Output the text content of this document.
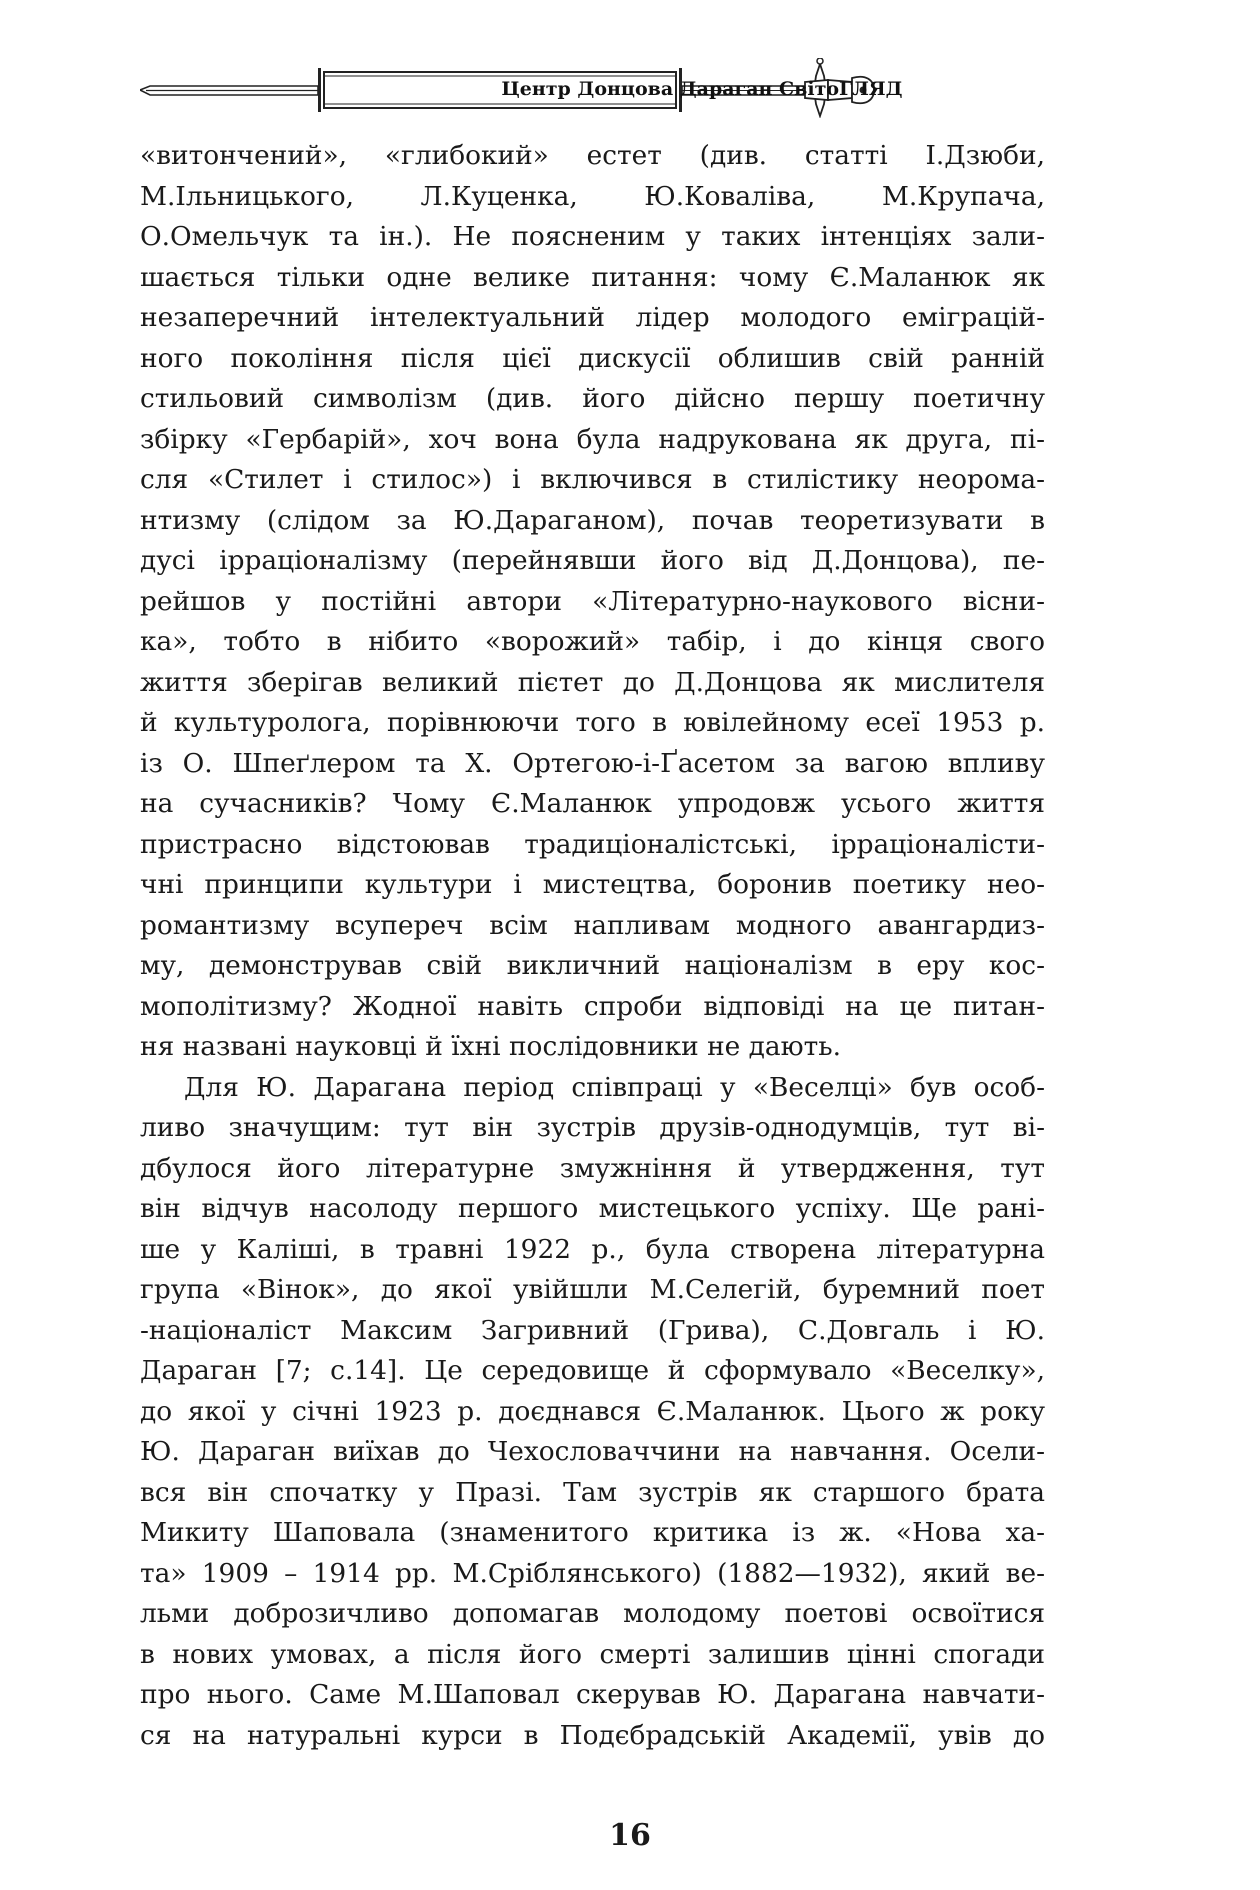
Центр Донцова Дараган СвітоГЛЯД

«витончений», «глибокий» естет (див. статті І.Дзюби,
М.Ільницького, Л.Куценка, Ю.Коваліва, М.Крупача,
О.Омельчук та ін.). Не поясненим у таких інтенціях зали-
шається тільки одне велике питання: чому Є.Маланюк як
незаперечний інтелектуальний лідер молодого еміграцій-
ного покоління після цієї дискусії облишив свій ранній
стильовий символізм (див. його дійсно першу поетичну
збірку «Гербарій», хоч вона була надрукована як друга, пі-
сля «Стилет і стилос») і включився в стилістику неорома-
нтизму (слідом за Ю.Дараганом), почав теоретизувати в
дусі ірраціоналізму (перейнявши його від Д.Донцова), пе-
рейшов у постійні автори «Літературно-наукового вісни-
ка», тобто в нібито «ворожий» табір, і до кінця свого
життя зберігав великий пієтет до Д.Донцова як мислителя
й культуролога, порівнюючи того в ювілейному есеї 1953 р.
із О. Шпеґлером та Х. Ортегою-і-Ґасетом за вагою впливу
на сучасників? Чому Є.Маланюк упродовж усього життя
пристрасно відстоював традиціоналістські, ірраціоналісти-
чні принципи культури і мистецтва, боронив поетику нео-
романтизму всупереч всім напливам модного авангардиз-
му, демонстрував свій викличний націоналізм в еру кос-
мополітизму? Жодної навіть спроби відповіді на це питан-
ня названі науковці й їхні послідовники не дають.

Для Ю. Дарагана період співпраці у «Веселці» був особ-
ливо значущим: тут він зустрів друзів-однодумців, тут ві-
дбулося його літературне змужніння й утвердження, тут
він відчув насолоду першого мистецького успіху. Ще рані-
ше у Каліші, в травні 1922 р., була створена літературна
група «Вінок», до якої увійшли М.Селегій, буремний поет
-націоналіст Максим Загривний (Грива), С.Довгаль і Ю.
Дараган [7; с.14]. Це середовище й сформувало «Веселку»,
до якої у січні 1923 р. доєднався Є.Маланюк. Цього ж року
Ю. Дараган виїхав до Чехословаччини на навчання. Осели-
вся він спочатку у Празі. Там зустрів як старшого брата
Микиту Шаповала (знаменитого критика із ж. «Нова ха-
та» 1909 – 1914 рр. М.Сріблянського) (1882—1932), який ве-
льми доброзичливо допомагав молодому поетові освоїтися
в нових умовах, а після його смерті залишив цінні спогади
про нього. Саме М.Шаповал скерував Ю. Дарагана навчати-
ся на натуральні курси в Подєбрадській Академії, увів до

16
